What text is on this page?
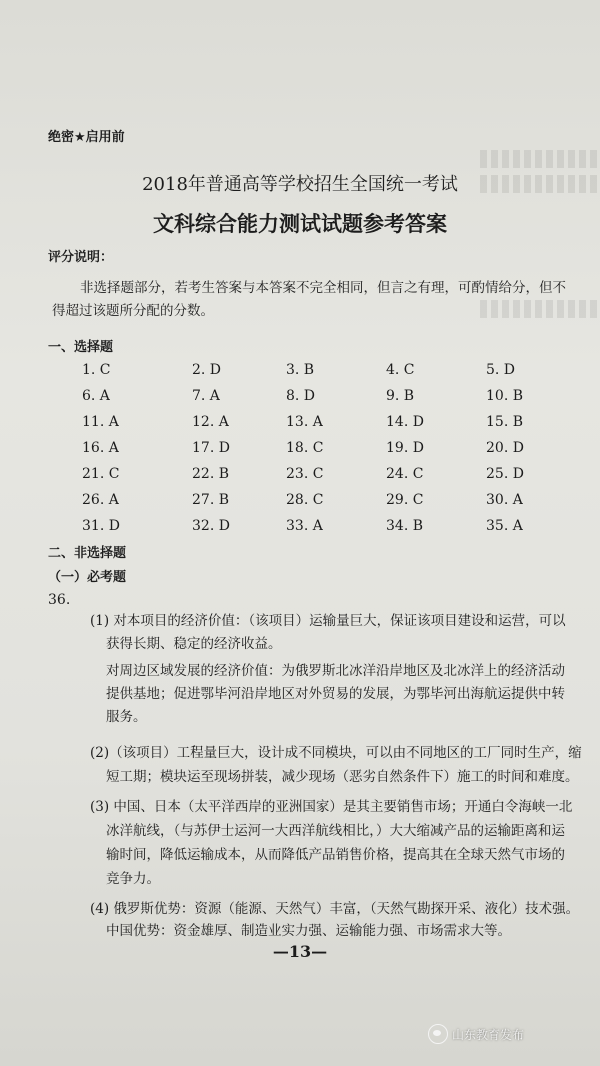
绝密★启用前
2018年普通高等学校招生全国统一考试
文科综合能力测试试题参考答案
评分说明：
非选择题部分，若考生答案与本答案不完全相同，但言之有理，可酌情给分，但不
得超过该题所分配的分数。
一、选择题
1. C	2. D	3. B	4. C	5. D
6. A	7. A	8. D	9. B	10. B
11. A	12. A	13. A	14. D	15. B
16. A	17. D	18. C	19. D	20. D
21. C	22. B	23. C	24. C	25. D
26. A	27. B	28. C	29. C	30. A
31. D	32. D	33. A	34. B	35. A
二、非选择题
（一）必考题
36.
(1) 对本项目的经济价值：（该项目）运输量巨大，保证该项目建设和运营，可以
获得长期、稳定的经济收益。
对周边区域发展的经济价值：为俄罗斯北冰洋沿岸地区及北冰洋上的经济活动
提供基地；促进鄂毕河沿岸地区对外贸易的发展，为鄂毕河出海航运提供中转
服务。
(2)（该项目）工程量巨大，设计成不同模块，可以由不同地区的工厂同时生产，缩
短工期；模块运至现场拼装，减少现场（恶劣自然条件下）施工的时间和难度。
(3) 中国、日本（太平洋西岸的亚洲国家）是其主要销售市场；开通白令海峡一北
冰洋航线，（与苏伊士运河一大西洋航线相比，）大大缩减产品的运输距离和运
输时间，降低运输成本，从而降低产品销售价格，提高其在全球天然气市场的
竞争力。
(4) 俄罗斯优势：资源（能源、天然气）丰富，（天然气勘探开采、液化）技术强。
中国优势：资金雄厚、制造业实力强、运输能力强、市场需求大等。
—13—
山东教育发布
